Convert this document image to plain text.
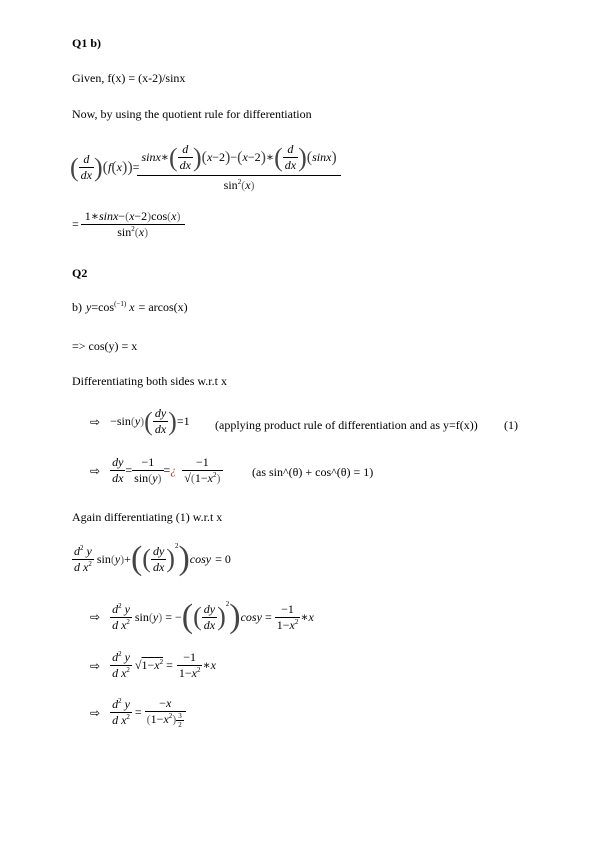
Q1 b)
Given, f(x) = (x-2)/sinx
Now, by using the quotient rule for differentiation
( $\frac{d}{dx}$ ) ( f ( x ) ) = $\frac{\sin x ∗ ( \frac{d}{dx} ) ( x -2 ) - ( x -2 ) ∗ ( \frac{d}{dx} ) ( \sin x )}{\sin^2(x)}$
= $\frac{1∗\sin x-(x-2)\cos(x)}{\sin^2(x)}$
Q2
b) $y=\cos^{(-1)}$ x = arcos(x)
=> cos(y) = x
Differentiating both sides w.r.t x
⇨ −sin(y) ( $\frac{dy}{dx}$ ) =1 (applying product rule of differentiation and as y=f(x)) (1)
⇨ $\frac{dy}{dx} = \frac{-1}{\sin(y)}$ = ¿ $\frac{-1}{√(1-x^2)} (as$ sin^(θ) + cos^(θ) = 1)
Again differentiating (1) w.r.t x
$\frac{d^2 y}{d x^2} \sin(y)+$ ( ( $\frac{dy}{dx} )^2$ ) cosy = 0
⇨ $\frac{d^2 y}{d x^2} \sin(y)$ = − ( ( $\frac{dy}{dx} )^2$ ) $\cos y = \frac{-1}{1-x^2}$ ∗x
⇨ $\frac{d^2 y}{d x^2} √1-x^2 = \frac{-1}{1-x^2}$ ∗x
⇨ $\frac{d^2 y}{d x^2} = \frac{-x}{(1-x^2) \frac{3}{2}}$
